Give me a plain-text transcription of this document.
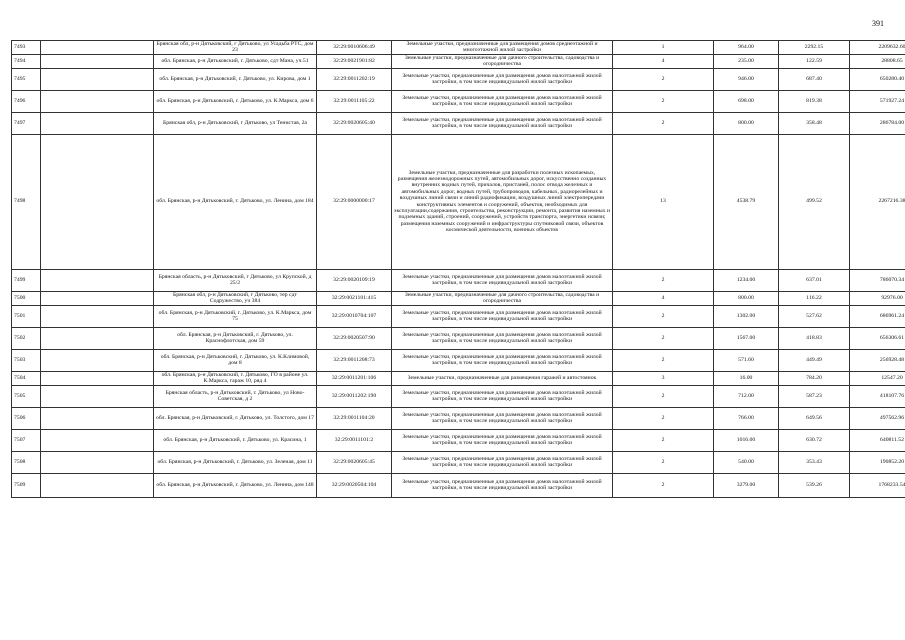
391
7493		Брянская обл, р-н Дятьковский, г Дятьково, ул Усадьба РТС, дом 23	32:29:0010606:49	Земельные участки, предназначенные для размещения домов среднеэтажной и многоэтажной жилой застройки	1	964.00	2292.15	2209632.60
7494		обл. Брянская, р-н Дятьковский, г. Дятьково, сдт Мана, уч.51	32:29:0021901:82	Земельные участки, предназначенные для дачного строительства, садоводства и огородничества	4	235.00	122.59	28808.65
7495		обл. Брянская, р-н Дятьковский, г. Дятьково, ул. Кирова, дом 1	32:29:0011202:19	Земельные участки, предназначенные для размещения домов малоэтажной жилой застройки, в том числе индивидуальной жилой застройки	2	946.00	687.40	650280.40
7496		обл. Брянская, р-н Дятьковский, г. Дятьково, ул. К.Маркса, дом 6	32:29:0011105:22	Земельные участки, предназначенные для размещения домов малоэтажной жилой застройки, в том числе индивидуальной жилой застройки	2	698.00	819.38	571927.24
7497		Брянская обл, р-н Дятьковский, г Дятьково, ул Тенистая, 2а	32:29:0020605:40	Земельные участки, предназначенные для размещения домов малоэтажной жилой застройки, в том числе индивидуальной жилой застройки	2	800.00	358.48	286784.00
7498		обл. Брянская, р-н Дятьковский, г. Дятьково, ул. Ленина, дом 184	32:29:0000000:17	Земельные участки, предназначенные для разработки полезных ископаемых, размещения железнодорожных путей, автомобильных дорог, искусственно созданных внутренних водных путей, причалов, пристаней, полос отвода железных и автомобильных дорог, водных путей, трубопроводов, кабельных, радиорелейных и воздушных линий связи и линий радиофикации, воздушных линий электропередачи конструктивных элементов и сооружений, объектов, необходимых для эксплуатации,содержания, строительства, реконструкции, ремонта, развития наземных и подземных зданий, строений, сооружений, устройств транспорта, энергетики исвязи; размещения наземных сооружений и инфраструктуры спутниковой связи, объектов космической деятельности, военных объектов	13	4538.79	499.52	2267216.38
7499		Брянская область, р-н Дятьковский, г Дятьково, ул Крупской, д 25/2	32:29:0020109:19	Земельные участки, предназначенные для размещения домов малоэтажной жилой застройки, в том числе индивидуальной жилой застройки	2	1234.00	637.01	786070.34
7500		Брянская обл, р-н Дятьковский, г Дятьково, тер сдт Содружество, уч 384	32:29:0021101:415	Земельные участки, предназначенные для дачного строительства, садоводства и огородничества	4	800.00	116.22	92976.00
7501		обл. Брянская, р-н Дятьковский, г. Дятьково, ул. К.Маркса, дом 75	32:29:0010704:107	Земельные участки, предназначенные для размещения домов малоэтажной жилой застройки, в том числе индивидуальной жилой застройки	2	1302.00	527.62	686961.24
7502		обл. Брянская, р-н Дятьковский, г. Дятьково, ул. Краснофлотская, дом 59	32:29:0020507:90	Земельные участки, предназначенные для размещения домов малоэтажной жилой застройки, в том числе индивидуальной жилой застройки	2	1567.00	418.83	656306.61
7503		обл. Брянская, р-н Дятьковский, г. Дятьково, ул. К.Климовой, дом 8	32:29:0011208:73	Земельные участки, предназначенные для размещения домов малоэтажной жилой застройки, в том числе индивидуальной жилой застройки	2	571.60	449.49	256928.48
7504		обл. Брянская, р-н Дятьковский, г. Дятьково, ГО в районе ул. К.Маркса, гараж 10, ряд 4	32:29:0011201:106	Земельные участки, предназначенные для размещения гаражей и автостоянок	3	16.00	784.20	12547.20
7505		Брянская область, р-н Дятьковский, г. Дятьково, ул Ново-Советская, д 2	32:29:0011202:190	Земельные участки, предназначенные для размещения домов малоэтажной жилой застройки, в том числе индивидуальной жилой застройки	2	712.00	587.23	418107.76
7506		обл. Брянская, р-н Дятьковский, г. Дятьково, ул. Толстого, дом 17	32:29:0011104:20	Земельные участки, предназначенные для размещения домов малоэтажной жилой застройки, в том числе индивидуальной жилой застройки	2	766.00	649.56	497562.96
7507		обл. Брянская, р-н Дятьковский, г. Дятьково, ул. Красина, 1	32:29:0011101:2	Земельные участки, предназначенные для размещения домов малоэтажной жилой застройки, в том числе индивидуальной жилой застройки	2	1016.00	630.72	640811.52
7508		обл. Брянская, р-н Дятьковский, г. Дятьково, ул. Зеленая, дом 11	32:29:0020605:45	Земельные участки, предназначенные для размещения домов малоэтажной жилой застройки, в том числе индивидуальной жилой застройки	2	540.00	353.43	190852.20
7509		обл. Брянская, р-н Дятьковский, г. Дятьково, ул. Ленина, дом 148	32:29:0020504:104	Земельные участки, предназначенные для размещения домов малоэтажной жилой застройки, в том числе индивидуальной жилой застройки	2	3279.00	539.26	1768233.54
